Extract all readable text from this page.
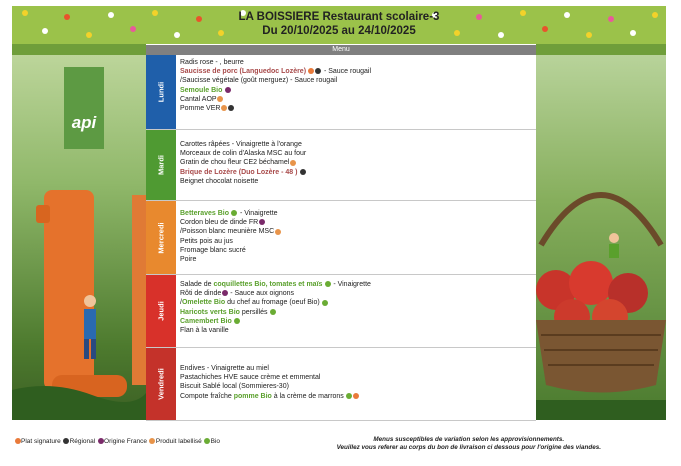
LA BOISSIERE Restaurant scolaire-3
Du 20/10/2025 au 24/10/2025
Menu
api
Lundi
Radis rose - , beurre
Saucisse de porc (Languedoc Lozère)	- Sauce rougail
/Saucisse végétale (goût merguez) - Sauce rougail
Semoule Bio
Cantal AOP
Pomme VER
Mardi
Carottes râpées - Vinaigrette à l'orange
Morceaux de colin d'Alaska MSC au four
Gratin de chou fleur CE2 béchamel
Brique de Lozère (Duo Lozère - 48 )
Beignet chocolat noisette
Mercredi
Betteraves Bio - Vinaigrette
Cordon bleu de dinde FR
/Poisson blanc meunière MSC
Petits pois au jus
Fromage blanc sucré
Poire
Jeudi
Salade de coquillettes Bio, tomates et maïs - Vinaigrette
Rôti de dinde - Sauce aux oignons
/Omelette Bio du chef au fromage (oeuf Bio)
Haricots verts Bio persillés
Camembert Bio
Flan à la vanille
Vendredi Endives - Vinaigrette au miel
Pastachiches HVE sauce crème et emmental
Biscuit Sablé local (Sommieres-30)
Compote fraîche pomme Bio à la crème de marrons
Plat signature Régional Origine France Produit labellisé Bio	Menus susceptibles de variation selon les approvisionnements.
Veuillez vous referer au corps du bon de livraison ci dessous pour l'origine des viandes.
